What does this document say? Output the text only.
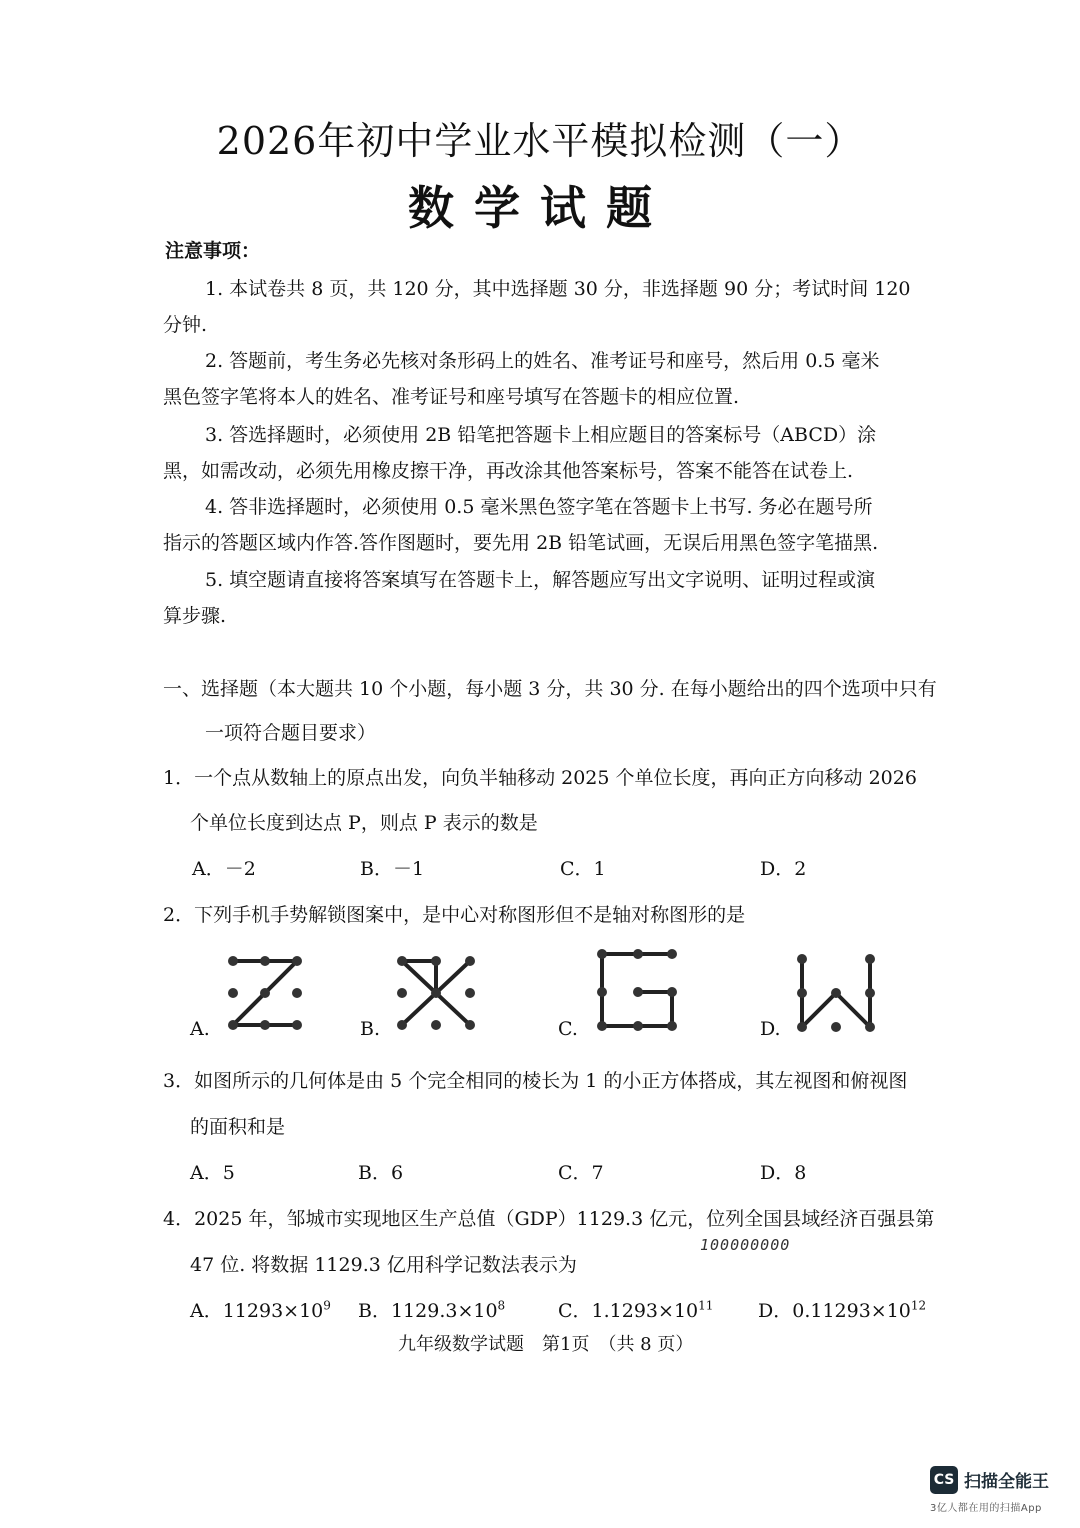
2026年初中学业水平模拟检测（一）
数学试题
注意事项：
1. 本试卷共 8 页，共 120 分，其中选择题 30 分，非选择题 90 分；考试时间 120
分钟.
2. 答题前，考生务必先核对条形码上的姓名、准考证号和座号，然后用 0.5 毫米
黑色签字笔将本人的姓名、准考证号和座号填写在答题卡的相应位置.
3. 答选择题时，必须使用 2B 铅笔把答题卡上相应题目的答案标号（ABCD）涂
黑，如需改动，必须先用橡皮擦干净，再改涂其他答案标号，答案不能答在试卷上.
4. 答非选择题时，必须使用 0.5 毫米黑色签字笔在答题卡上书写. 务必在题号所
指示的答题区域内作答.答作图题时，要先用 2B 铅笔试画，无误后用黑色签字笔描黑.
5. 填空题请直接将答案填写在答题卡上，解答题应写出文字说明、证明过程或演
算步骤.
一、选择题（本大题共 10 个小题，每小题 3 分，共 30 分. 在每小题给出的四个选项中只有
一项符合题目要求）
1．一个点从数轴上的原点出发，向负半轴移动 2025 个单位长度，再向正方向移动 2026
个单位长度到达点 P，则点 P 表示的数是
A．－2	B．－1	C．1	D．2
2．下列手机手势解锁图案中，是中心对称图形但不是轴对称图形的是
A.	B.	C.	D.
3．如图所示的几何体是由 5 个完全相同的棱长为 1 的小正方体搭成，其左视图和俯视图
的面积和是
A．5	B．6	C．7	D．8
4．2025 年，邹城市实现地区生产总值（GDP）1129.3 亿元，位列全国县域经济百强县第
47 位. 将数据 1129.3 亿用科学记数法表示为
100000000
A．$11293\times 10^9$ B．$1129.3\times 10^8$	C．$1.1293\times 10^{11}$ D．$0.11293\times 10^{12}$
九年级数学试题　第1页　（共 8 页）
CS 扫描全能王
3亿人都在用的扫描App
